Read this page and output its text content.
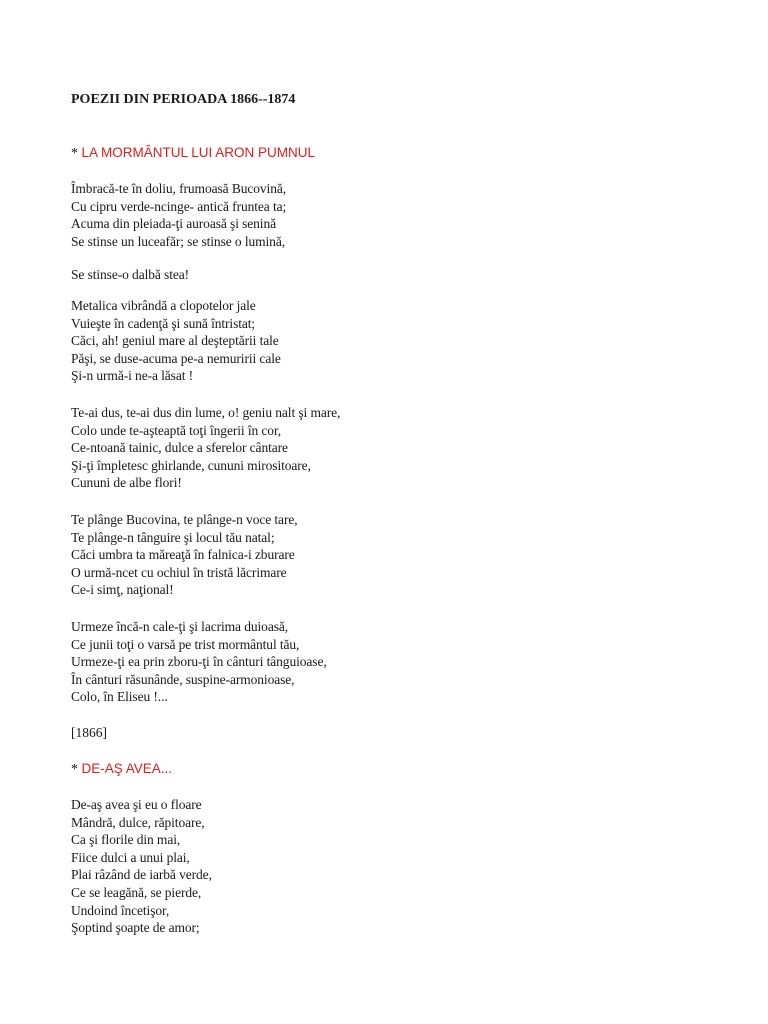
POEZII DIN PERIOADA 1866--1874
* LA MORMÂNTUL LUI ARON PUMNUL
Îmbracă-te în doliu, frumoasă Bucovină,
Cu cipru verde-ncinge- antică fruntea ta;
Acuma din pleiada-ţi auroasă şi senină
Se stinse un luceafăr; se stinse o lumină,
Se stinse-o dalbă stea!
Metalica vibrândă a clopotelor jale
Vuieşte în cadenţă şi sună întristat;
Căci, ah! geniul mare al deşteptării tale
Păşi, se duse-acuma pe-a nemuririi cale
Şi-n urmă-i ne-a lăsat !
Te-ai dus, te-ai dus din lume, o! geniu nalt şi mare,
Colo unde te-aşteaptă toţi îngerii în cor,
Ce-ntoană tainic, dulce a sferelor cântare
Şi-ţi împletesc ghirlande, cununi mirositoare,
Cununi de albe flori!
Te plânge Bucovina, te plânge-n voce tare,
Te plânge-n tânguire şi locul tău natal;
Căci umbra ta măreaţă în falnica-i zburare
O urmă-ncet cu ochiul în tristă lăcrimare
Ce-i simţ, naţional!
Urmeze încă-n cale-ţi şi lacrima duioasă,
Ce junii toţi o varsă pe trist mormântul tău,
Urmeze-ţi ea prin zboru-ţi în cânturi tânguioase,
În cânturi răsunânde, suspine-armonioase,
Colo, în Eliseu !...
[1866]
* DE-AŞ AVEA...
De-aş avea şi eu o floare
Mândră, dulce, răpitoare,
Ca şi florile din mai,
Fiice dulci a unui plai,
Plai râzând de iarbă verde,
Ce se leagănă, se pierde,
Undoind încetişor,
Şoptind şoapte de amor;
